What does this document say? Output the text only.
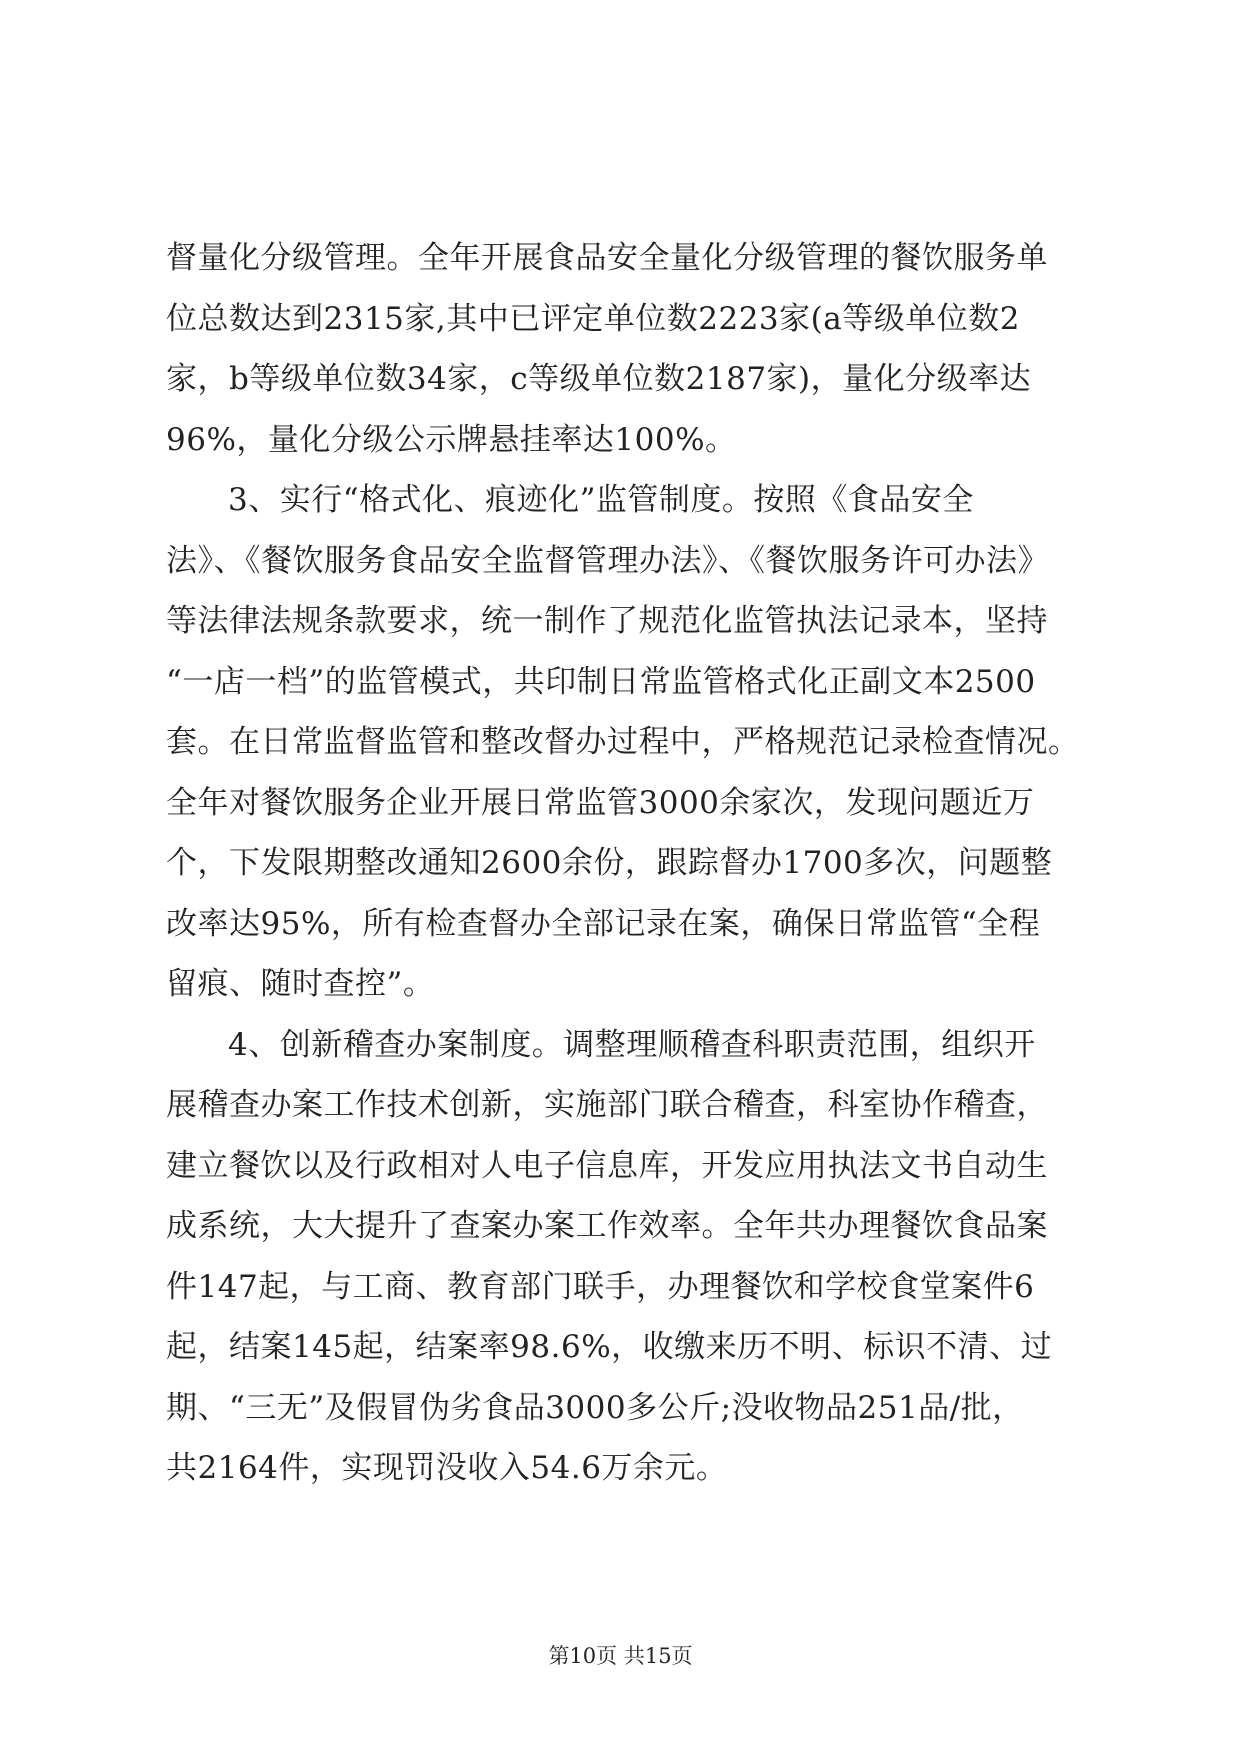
督量化分级管理。全年开展食品安全量化分级管理的餐饮服务单
位总数达到2315家,其中已评定单位数2223家(a等级单位数2
家，b等级单位数34家，c等级单位数2187家)，量化分级率达
96%，量化分级公示牌悬挂率达100%。
3、实行“格式化、痕迹化”监管制度。按照《食品安全
法》、《餐饮服务食品安全监督管理办法》、《餐饮服务许可办法》
等法律法规条款要求，统一制作了规范化监管执法记录本，坚持
“一店一档”的监管模式，共印制日常监管格式化正副文本2500
套。在日常监督监管和整改督办过程中，严格规范记录检查情况。
全年对餐饮服务企业开展日常监管3000余家次，发现问题近万
个，下发限期整改通知2600余份，跟踪督办1700多次，问题整
改率达95%，所有检查督办全部记录在案，确保日常监管“全程
留痕、随时查控”。
4、创新稽查办案制度。调整理顺稽查科职责范围，组织开
展稽查办案工作技术创新，实施部门联合稽查，科室协作稽查，
建立餐饮以及行政相对人电子信息库，开发应用执法文书自动生
成系统，大大提升了查案办案工作效率。全年共办理餐饮食品案
件147起，与工商、教育部门联手，办理餐饮和学校食堂案件6
起，结案145起，结案率98.6%，收缴来历不明、标识不清、过
期、“三无”及假冒伪劣食品3000多公斤;没收物品251品/批，
共2164件，实现罚没收入54.6万余元。
第10页 共15页
